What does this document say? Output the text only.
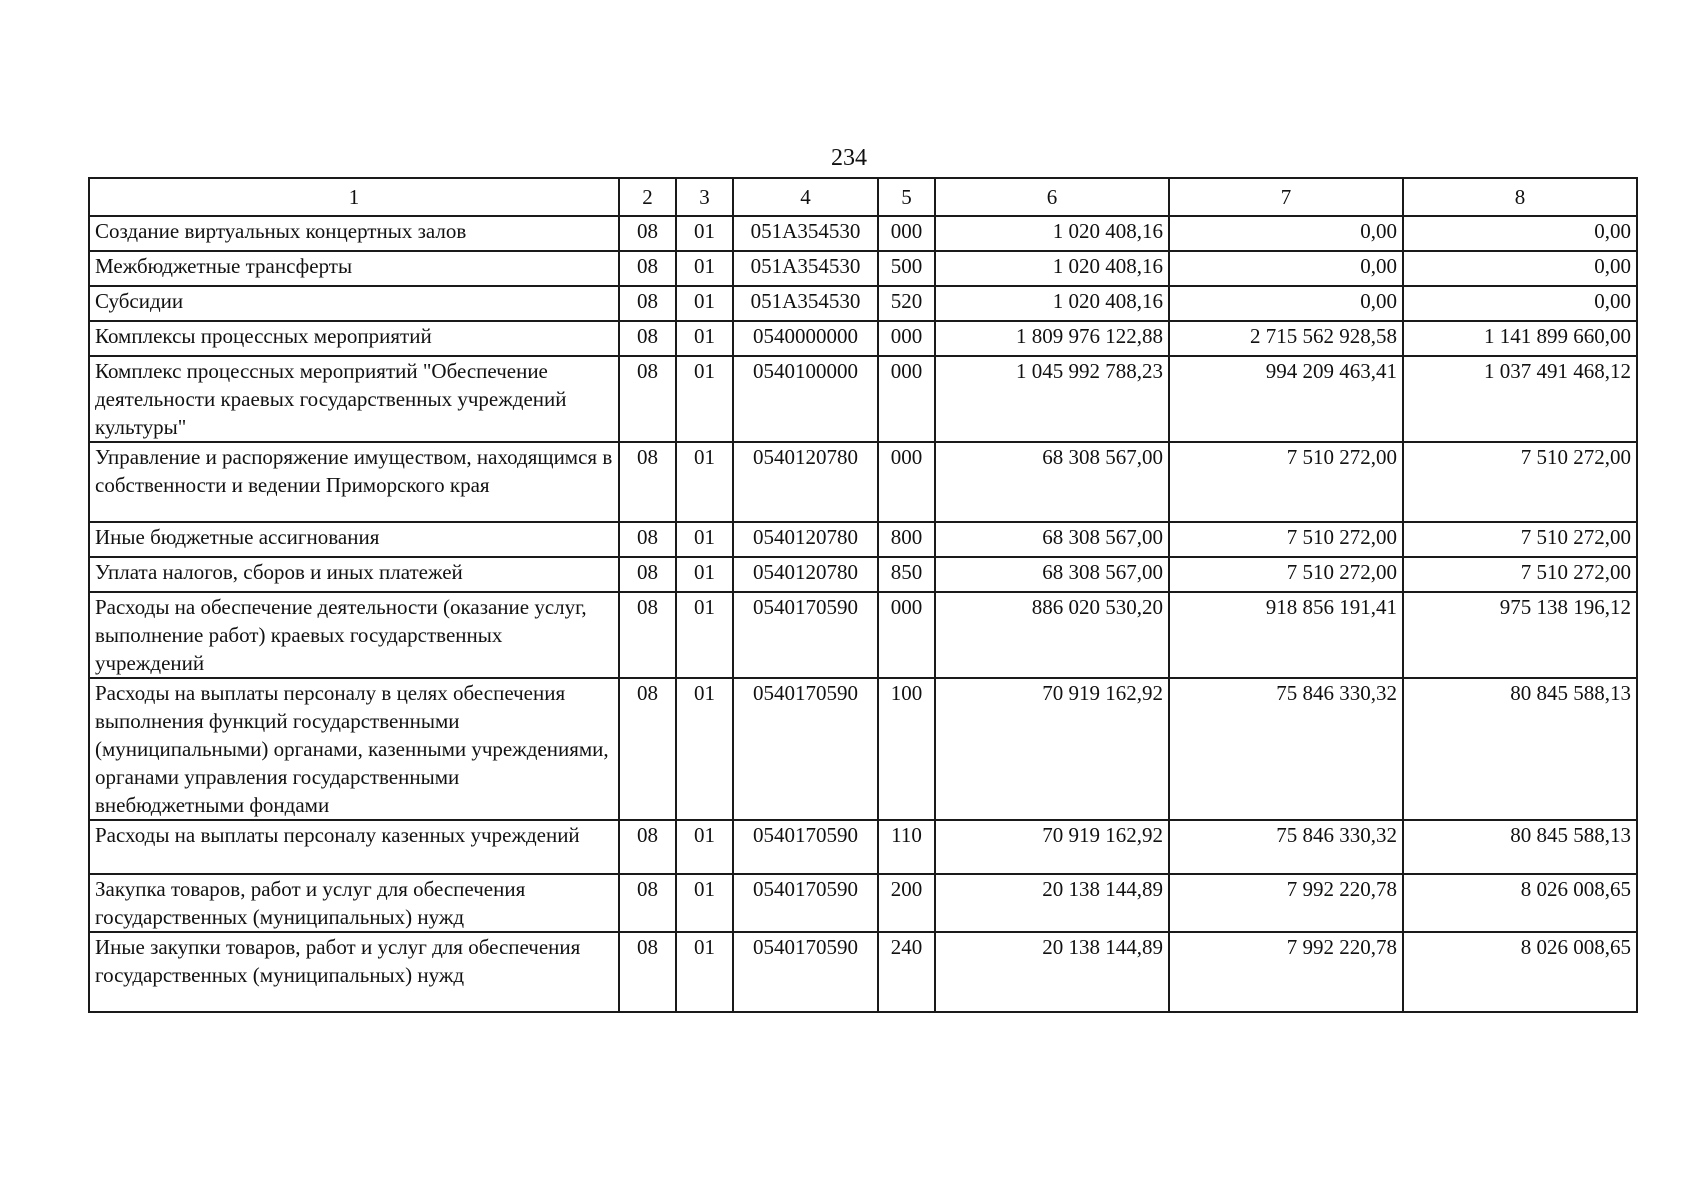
234
1	2	3	4	5	6	7	8
Создание виртуальных концертных залов	08	01	051A354530	000	1 020 408,16	0,00	0,00
Межбюджетные трансферты	08	01	051A354530	500	1 020 408,16	0,00	0,00
Субсидии	08	01	051A354530	520	1 020 408,16	0,00	0,00
Комплексы процессных мероприятий	08	01	0540000000	000	1 809 976 122,88	2 715 562 928,58	1 141 899 660,00
Комплекс процессных мероприятий "Обеспечение деятельности краевых государственных учреждений культуры"	08	01	0540100000	000	1 045 992 788,23	994 209 463,41	1 037 491 468,12
Управление и распоряжение имуществом, находящимся в собственности и ведении Приморского края	08	01	0540120780	000	68 308 567,00	7 510 272,00	7 510 272,00
Иные бюджетные ассигнования	08	01	0540120780	800	68 308 567,00	7 510 272,00	7 510 272,00
Уплата налогов, сборов и иных платежей	08	01	0540120780	850	68 308 567,00	7 510 272,00	7 510 272,00
Расходы на обеспечение деятельности (оказание услуг, выполнение работ) краевых государственных учреждений	08	01	0540170590	000	886 020 530,20	918 856 191,41	975 138 196,12
Расходы на выплаты персоналу в целях обеспечения выполнения функций государственными (муниципальными) органами, казенными учреждениями, органами управления государственными внебюджетными фондами	08	01	0540170590	100	70 919 162,92	75 846 330,32	80 845 588,13
Расходы на выплаты персоналу казенных учреждений	08	01	0540170590	110	70 919 162,92	75 846 330,32	80 845 588,13
Закупка товаров, работ и услуг для обеспечения государственных (муниципальных) нужд	08	01	0540170590	200	20 138 144,89	7 992 220,78	8 026 008,65
Иные закупки товаров, работ и услуг для обеспечения государственных (муниципальных) нужд	08	01	0540170590	240	20 138 144,89	7 992 220,78	8 026 008,65
